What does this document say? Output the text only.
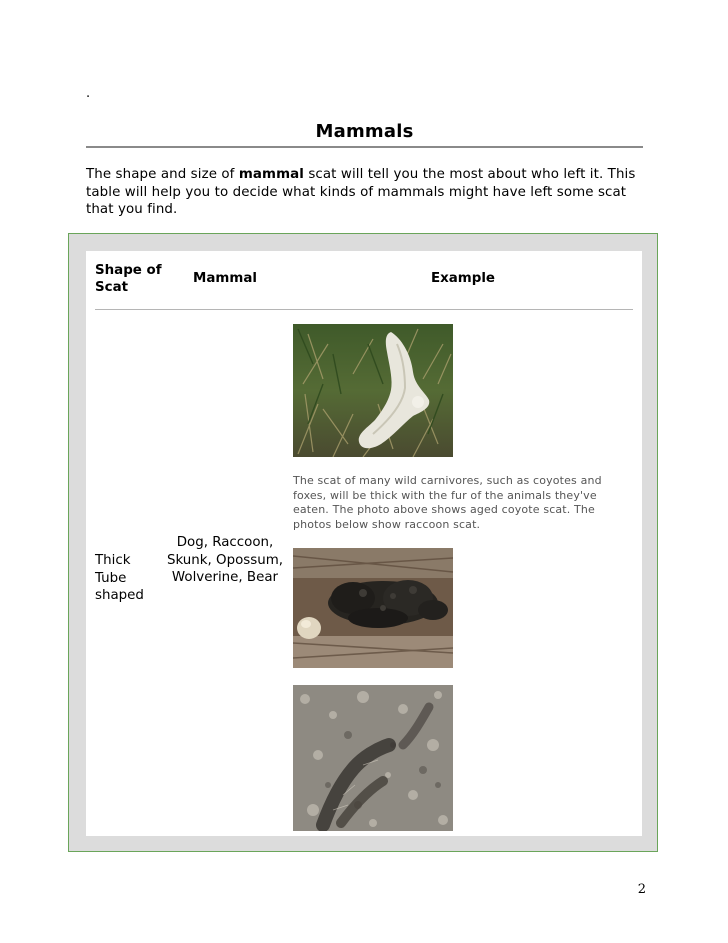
.
Mammals
The shape and size of mammal scat will tell you the most about who left it. This table will help you to decide what kinds of mammals might have left some scat that you find.
Shape of Scat
Mammal	Example
Thick Tube shaped
Dog, Raccoon, Skunk, Opossum, Wolverine, Bear
The scat of many wild carnivores, such as coyotes and foxes, will be thick with the fur of the animals they've eaten. The photo above shows aged coyote scat. The photos below show raccoon scat.
2
